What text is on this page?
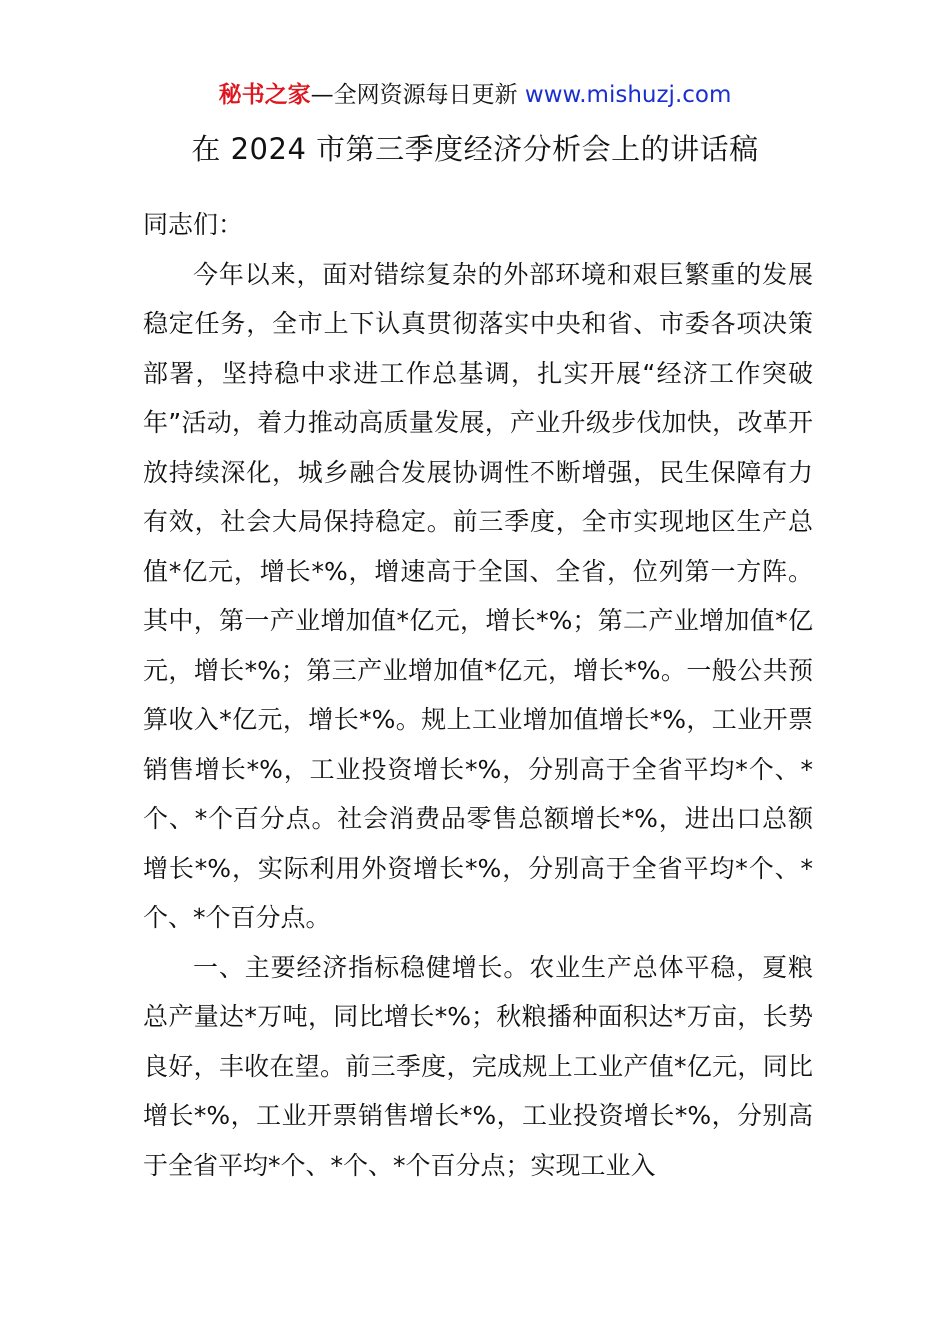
秘书之家—全网资源每日更新 www.mishuzj.com
在 2024 市第三季度经济分析会上的讲话稿

同志们：

今年以来，面对错综复杂的外部环境和艰巨繁重的发展稳定任务，全市上下认真贯彻落实中央和省、市委各项决策部署，坚持稳中求进工作总基调，扎实开展“经济工作突破年”活动，着力推动高质量发展，产业升级步伐加快，改革开放持续深化，城乡融合发展协调性不断增强，民生保障有力有效，社会大局保持稳定。前三季度，全市实现地区生产总值*亿元，增长*%，增速高于全国、全省，位列第一方阵。其中，第一产业增加值*亿元，增长*%；第二产业增加值*亿元，增长*%；第三产业增加值*亿元，增长*%。一般公共预算收入*亿元，增长*%。规上工业增加值增长*%，工业开票销售增长*%，工业投资增长*%，分别高于全省平均*个、*个、*个百分点。社会消费品零售总额增长*%，进出口总额增长*%，实际利用外资增长*%，分别高于全省平均*个、*个、*个百分点。

一、主要经济指标稳健增长。农业生产总体平稳，夏粮总产量达*万吨，同比增长*%；秋粮播种面积达*万亩，长势良好，丰收在望。前三季度，完成规上工业产值*亿元，同比增长*%，工业开票销售增长*%，工业投资增长*%，分别高于全省平均*个、*个、*个百分点；实现工业入
